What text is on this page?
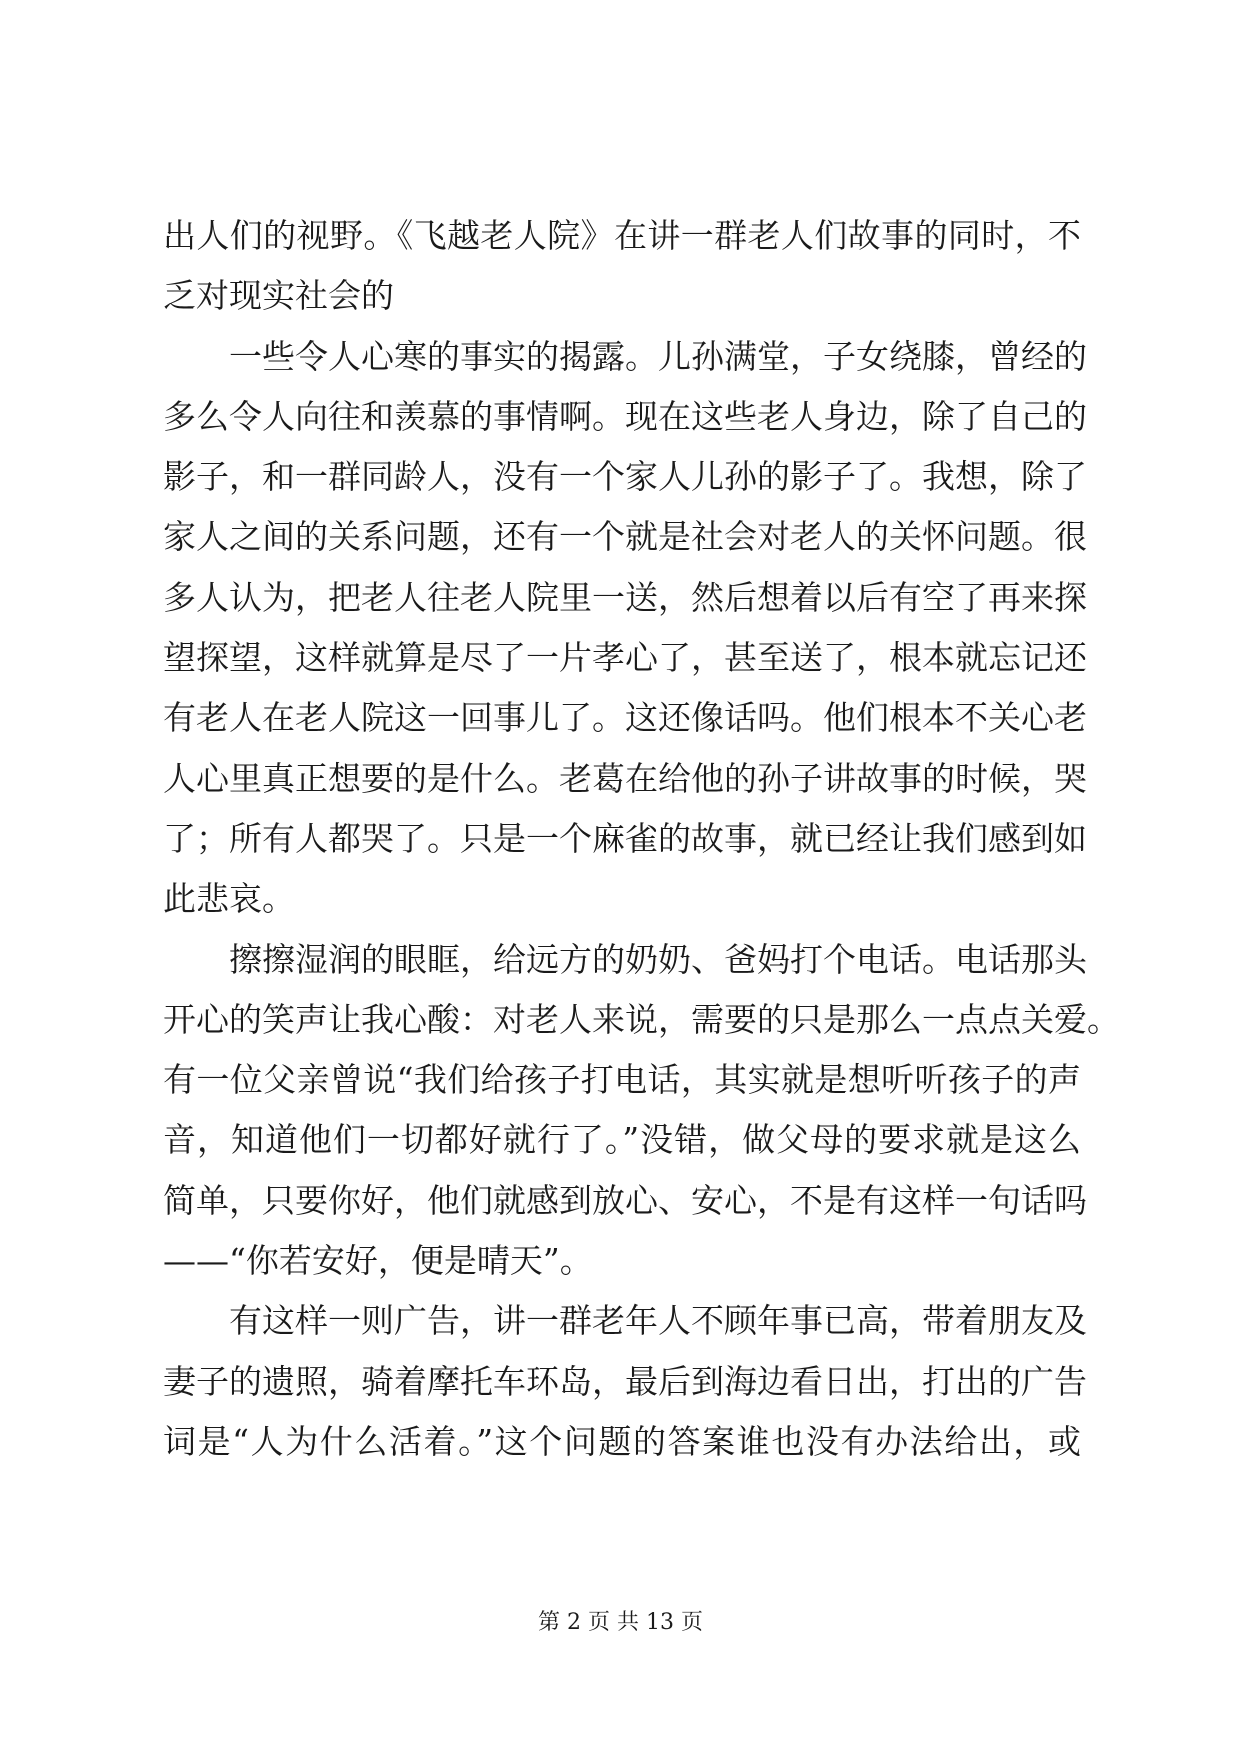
出人们的视野。《飞越老人院》在讲一群老人们故事的同时，不
乏对现实社会的
一些令人心寒的事实的揭露。儿孙满堂，子女绕膝，曾经的
多么令人向往和羡慕的事情啊。现在这些老人身边，除了自己的
影子，和一群同龄人，没有一个家人儿孙的影子了。我想，除了
家人之间的关系问题，还有一个就是社会对老人的关怀问题。很
多人认为，把老人往老人院里一送，然后想着以后有空了再来探
望探望，这样就算是尽了一片孝心了，甚至送了，根本就忘记还
有老人在老人院这一回事儿了。这还像话吗。他们根本不关心老
人心里真正想要的是什么。老葛在给他的孙子讲故事的时候，哭
了；所有人都哭了。只是一个麻雀的故事，就已经让我们感到如
此悲哀。
擦擦湿润的眼眶，给远方的奶奶、爸妈打个电话。电话那头
开心的笑声让我心酸：对老人来说，需要的只是那么一点点关爱。
有一位父亲曾说“我们给孩子打电话，其实就是想听听孩子的声
音，知道他们一切都好就行了。”没错，做父母的要求就是这么
简单，只要你好，他们就感到放心、安心，不是有这样一句话吗
——“你若安好，便是晴天”。
有这样一则广告，讲一群老年人不顾年事已高，带着朋友及
妻子的遗照，骑着摩托车环岛，最后到海边看日出，打出的广告
词是“人为什么活着。”这个问题的答案谁也没有办法给出，或
第 2 页 共 13 页
